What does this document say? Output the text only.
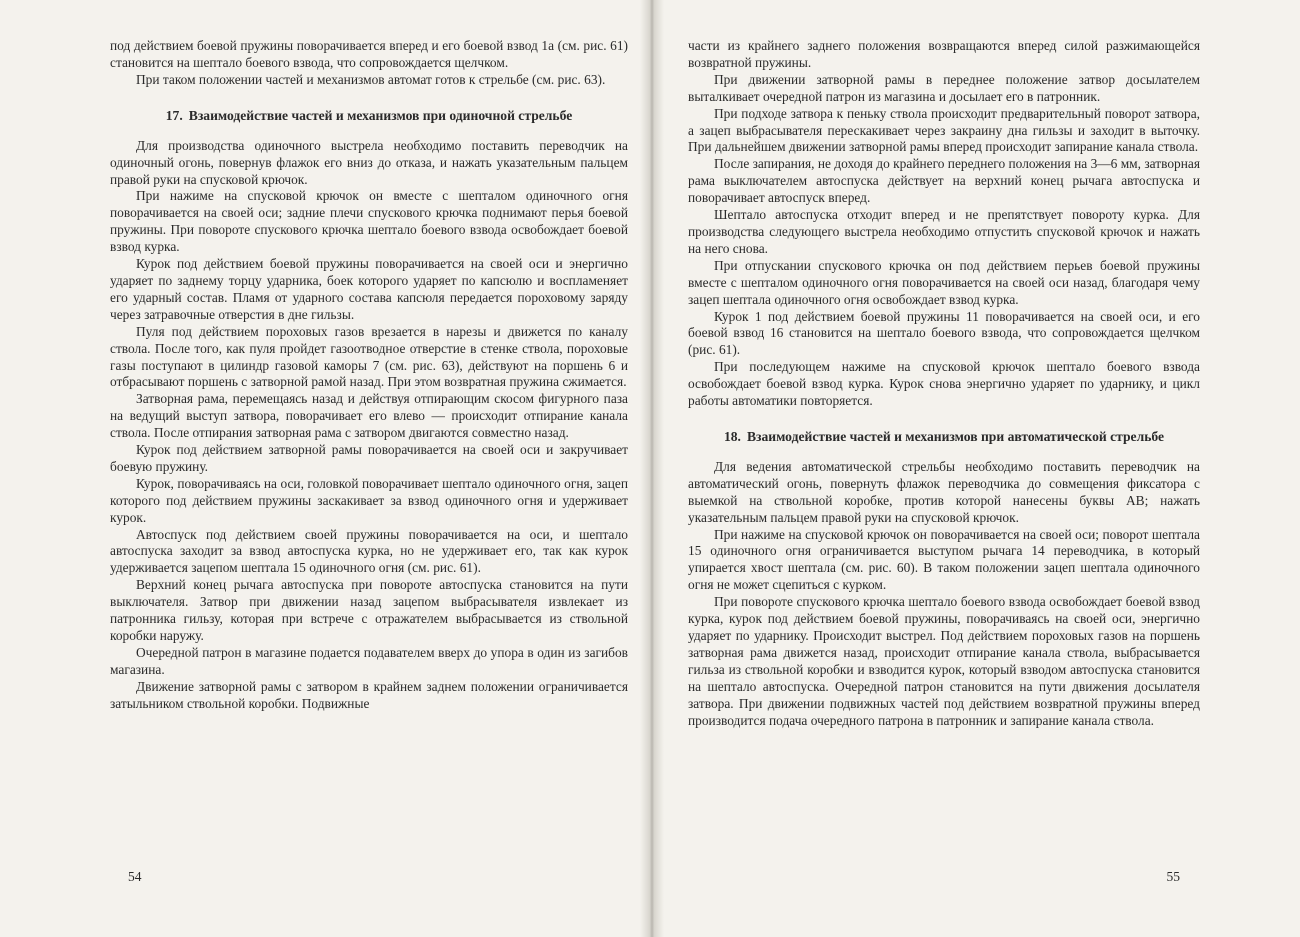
под действием боевой пружины поворачивается вперед и его боевой взвод 1а (см. рис. 61) становится на шептало боевого взвода, что сопровождается щелчком.

При таком положении частей и механизмов автомат готов к стрельбе (см. рис. 63).

17. Взаимодействие частей и механизмов при одиночной стрельбе

Для производства одиночного выстрела необходимо поставить переводчик на одиночный огонь, повернув флажок его вниз до отказа, и нажать указательным пальцем правой руки на спусковой крючок.

При нажиме на спусковой крючок он вместе с шепталом одиночного огня поворачивается на своей оси; задние плечи спускового крючка поднимают перья боевой пружины. При повороте спускового крючка шептало боевого взвода освобождает боевой взвод курка.

Курок под действием боевой пружины поворачивается на своей оси и энергично ударяет по заднему торцу ударника, боек которого ударяет по капсюлю и воспламеняет его ударный состав. Пламя от ударного состава капсюля передается пороховому заряду через затравочные отверстия в дне гильзы.

Пуля под действием пороховых газов врезается в нарезы и движется по каналу ствола. После того, как пуля пройдет газоотводное отверстие в стенке ствола, пороховые газы поступают в цилиндр газовой каморы 7 (см. рис. 63), действуют на поршень 6 и отбрасывают поршень с затворной рамой назад. При этом возвратная пружина сжимается.

Затворная рама, перемещаясь назад и действуя отпирающим скосом фигурного паза на ведущий выступ затвора, поворачивает его влево — происходит отпирание канала ствола. После отпирания затворная рама с затвором двигаются совместно назад.

Курок под действием затворной рамы поворачивается на своей оси и закручивает боевую пружину.

Курок, поворачиваясь на оси, головкой поворачивает шептало одиночного огня, зацеп которого под действием пружины заскакивает за взвод одиночного огня и удерживает курок.

Автоспуск под действием своей пружины поворачивается на оси, и шептало автоспуска заходит за взвод автоспуска курка, но не удерживает его, так как курок удерживается зацепом шептала 15 одиночного огня (см. рис. 61).

Верхний конец рычага автоспуска при повороте автоспуска становится на пути выключателя. Затвор при движении назад зацепом выбрасывателя извлекает из патронника гильзу, которая при встрече с отражателем выбрасывается из ствольной коробки наружу.

Очередной патрон в магазине подается подавателем вверх до упора в один из загибов магазина.

Движение затворной рамы с затвором в крайнем заднем положении ограничивается затыльником ствольной коробки. Подвижные

54

части из крайнего заднего положения возвращаются вперед силой разжимающейся возвратной пружины.

При движении затворной рамы в переднее положение затвор досылателем выталкивает очередной патрон из магазина и досылает его в патронник.

При подходе затвора к пеньку ствола происходит предварительный поворот затвора, а зацеп выбрасывателя перескакивает через закраину дна гильзы и заходит в выточку. При дальнейшем движении затворной рамы вперед происходит запирание канала ствола.

После запирания, не доходя до крайнего переднего положения на 3—6 мм, затворная рама выключателем автоспуска действует на верхний конец рычага автоспуска и поворачивает автоспуск вперед.

Шептало автоспуска отходит вперед и не препятствует повороту курка. Для производства следующего выстрела необходимо отпустить спусковой крючок и нажать на него снова.

При отпускании спускового крючка он под действием перьев боевой пружины вместе с шепталом одиночного огня поворачивается на своей оси назад, благодаря чему зацеп шептала одиночного огня освобождает взвод курка.

Курок 1 под действием боевой пружины 11 поворачивается на своей оси, и его боевой взвод 16 становится на шептало боевого взвода, что сопровождается щелчком (рис. 61).

При последующем нажиме на спусковой крючок шептало боевого взвода освобождает боевой взвод курка. Курок снова энергично ударяет по ударнику, и цикл работы автоматики повторяется.

18. Взаимодействие частей и механизмов при автоматической стрельбе

Для ведения автоматической стрельбы необходимо поставить переводчик на автоматический огонь, повернуть флажок переводчика до совмещения фиксатора с выемкой на ствольной коробке, против которой нанесены буквы АВ; нажать указательным пальцем правой руки на спусковой крючок.

При нажиме на спусковой крючок он поворачивается на своей оси; поворот шептала 15 одиночного огня ограничивается выступом рычага 14 переводчика, в который упирается хвост шептала (см. рис. 60). В таком положении зацеп шептала одиночного огня не может сцепиться с курком.

При повороте спускового крючка шептало боевого взвода освобождает боевой взвод курка, курок под действием боевой пружины, поворачиваясь на своей оси, энергично ударяет по ударнику. Происходит выстрел. Под действием пороховых газов на поршень затворная рама движется назад, происходит отпирание канала ствола, выбрасывается гильза из ствольной коробки и взводится курок, который взводом автоспуска становится на шептало автоспуска. Очередной патрон становится на пути движения досылателя затвора. При движении подвижных частей под действием возвратной пружины вперед производится подача очередного патрона в патронник и запирание канала ствола.

55
